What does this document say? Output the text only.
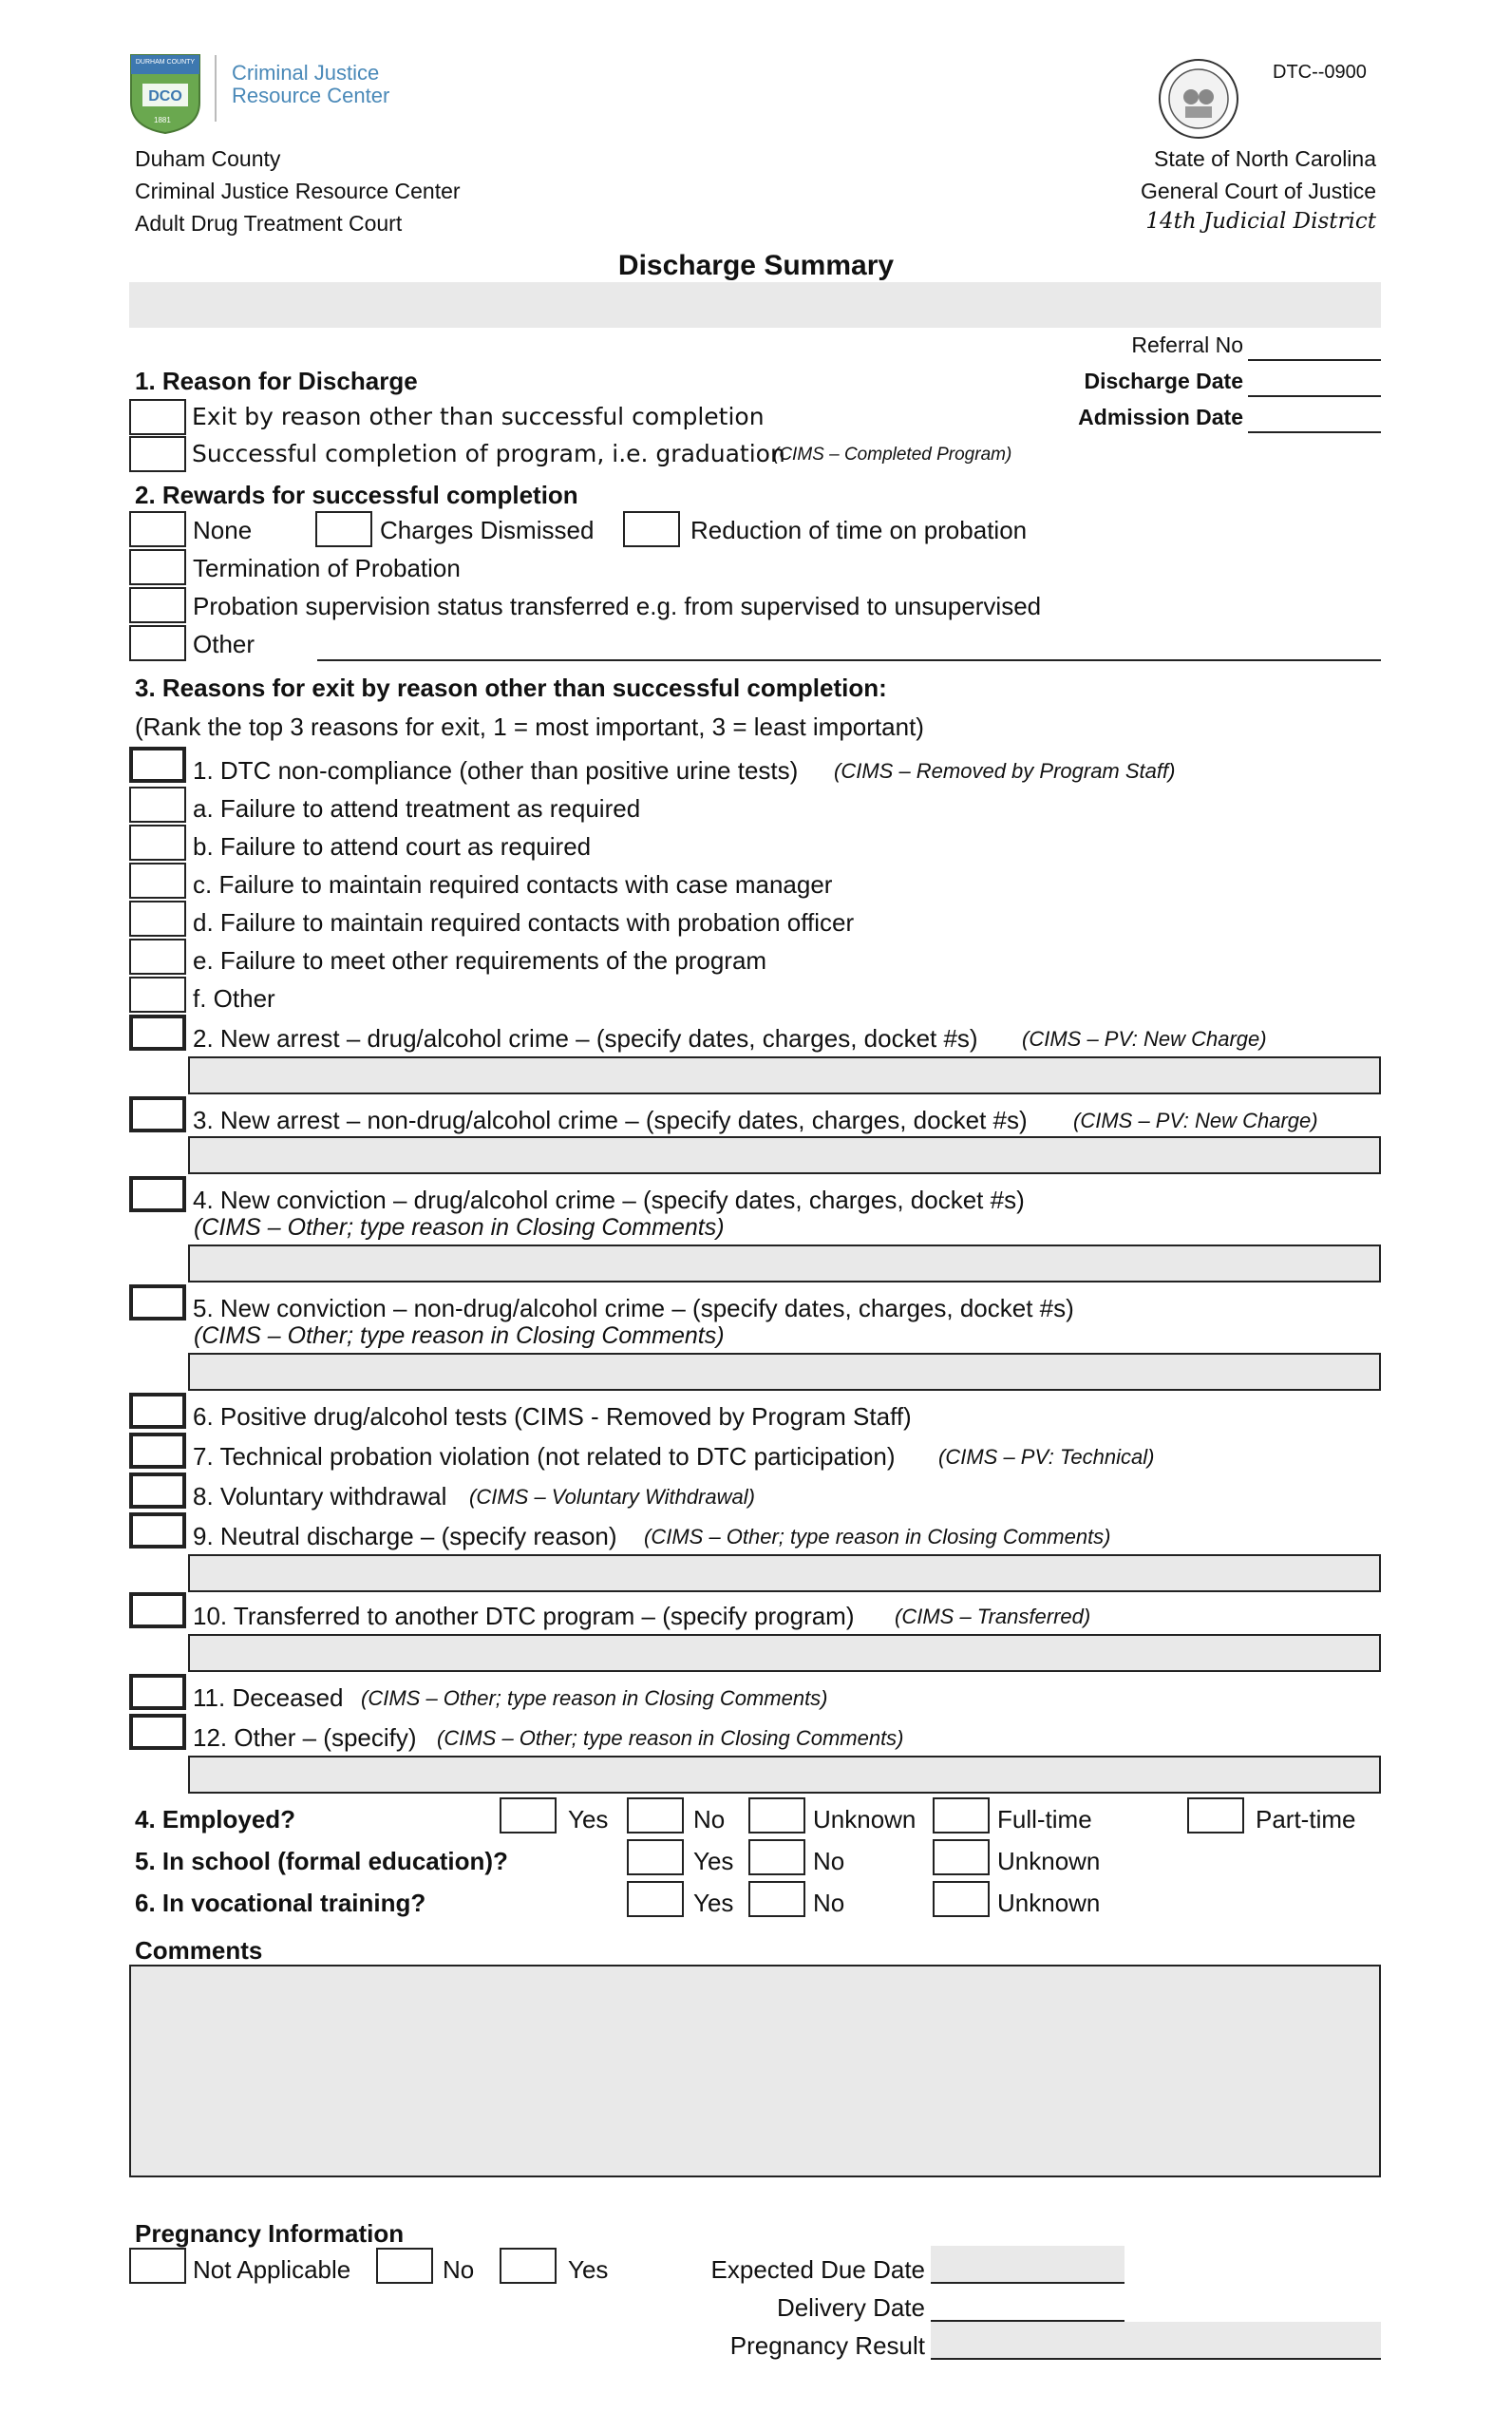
DCO
DURHAM COUNTY
1881
Criminal Justice
Resource Center
DTC--0900
Duham County
Criminal Justice Resource Center
Adult Drug Treatment Court
State of North Carolina
General Court of Justice
14th Judicial District
Discharge Summary
Referral No
Discharge Date
Admission Date
1. Reason for Discharge
Exit by reason other than successful completion
Successful completion of program, i.e. graduation
(CIMS – Completed Program)
2. Rewards for successful completion
None	Charges Dismissed	Reduction of time on probation
Termination of Probation
Probation supervision status transferred e.g. from supervised to unsupervised
Other
3. Reasons for exit by reason other than successful completion:
(Rank the top 3 reasons for exit, 1 = most important, 3 = least important)
1. DTC non-compliance (other than positive urine tests) (CIMS – Removed by Program Staff)
a. Failure to attend treatment as required
b. Failure to attend court as required
c. Failure to maintain required contacts with case manager
d. Failure to maintain required contacts with probation officer
e. Failure to meet other requirements of the program
f. Other
2. New arrest – drug/alcohol crime – (specify dates, charges, docket #s) (CIMS – PV: New Charge)
3. New arrest – non-drug/alcohol crime – (specify dates, charges, docket #s) (CIMS – PV: New Charge)
4. New conviction – drug/alcohol crime – (specify dates, charges, docket #s)
(CIMS – Other; type reason in Closing Comments)
5. New conviction – non-drug/alcohol crime – (specify dates, charges, docket #s)
(CIMS – Other; type reason in Closing Comments)
6. Positive drug/alcohol tests (CIMS - Removed by Program Staff)
7. Technical probation violation (not related to DTC participation) (CIMS – PV: Technical)
8. Voluntary withdrawal (CIMS – Voluntary Withdrawal)
9. Neutral discharge – (specify reason) (CIMS – Other; type reason in Closing Comments)
10. Transferred to another DTC program – (specify program) (CIMS – Transferred)
11. Deceased (CIMS – Other; type reason in Closing Comments)
12. Other – (specify) (CIMS – Other; type reason in Closing Comments)
4. Employed?	Yes	No	Unknown	Full-time	Part-time
5. In school (formal education)?	Yes	No	Unknown
6. In vocational training?	Yes	No	Unknown
Comments
Pregnancy Information
Not Applicable	No	Yes	Expected Due Date
Delivery Date
Pregnancy Result
